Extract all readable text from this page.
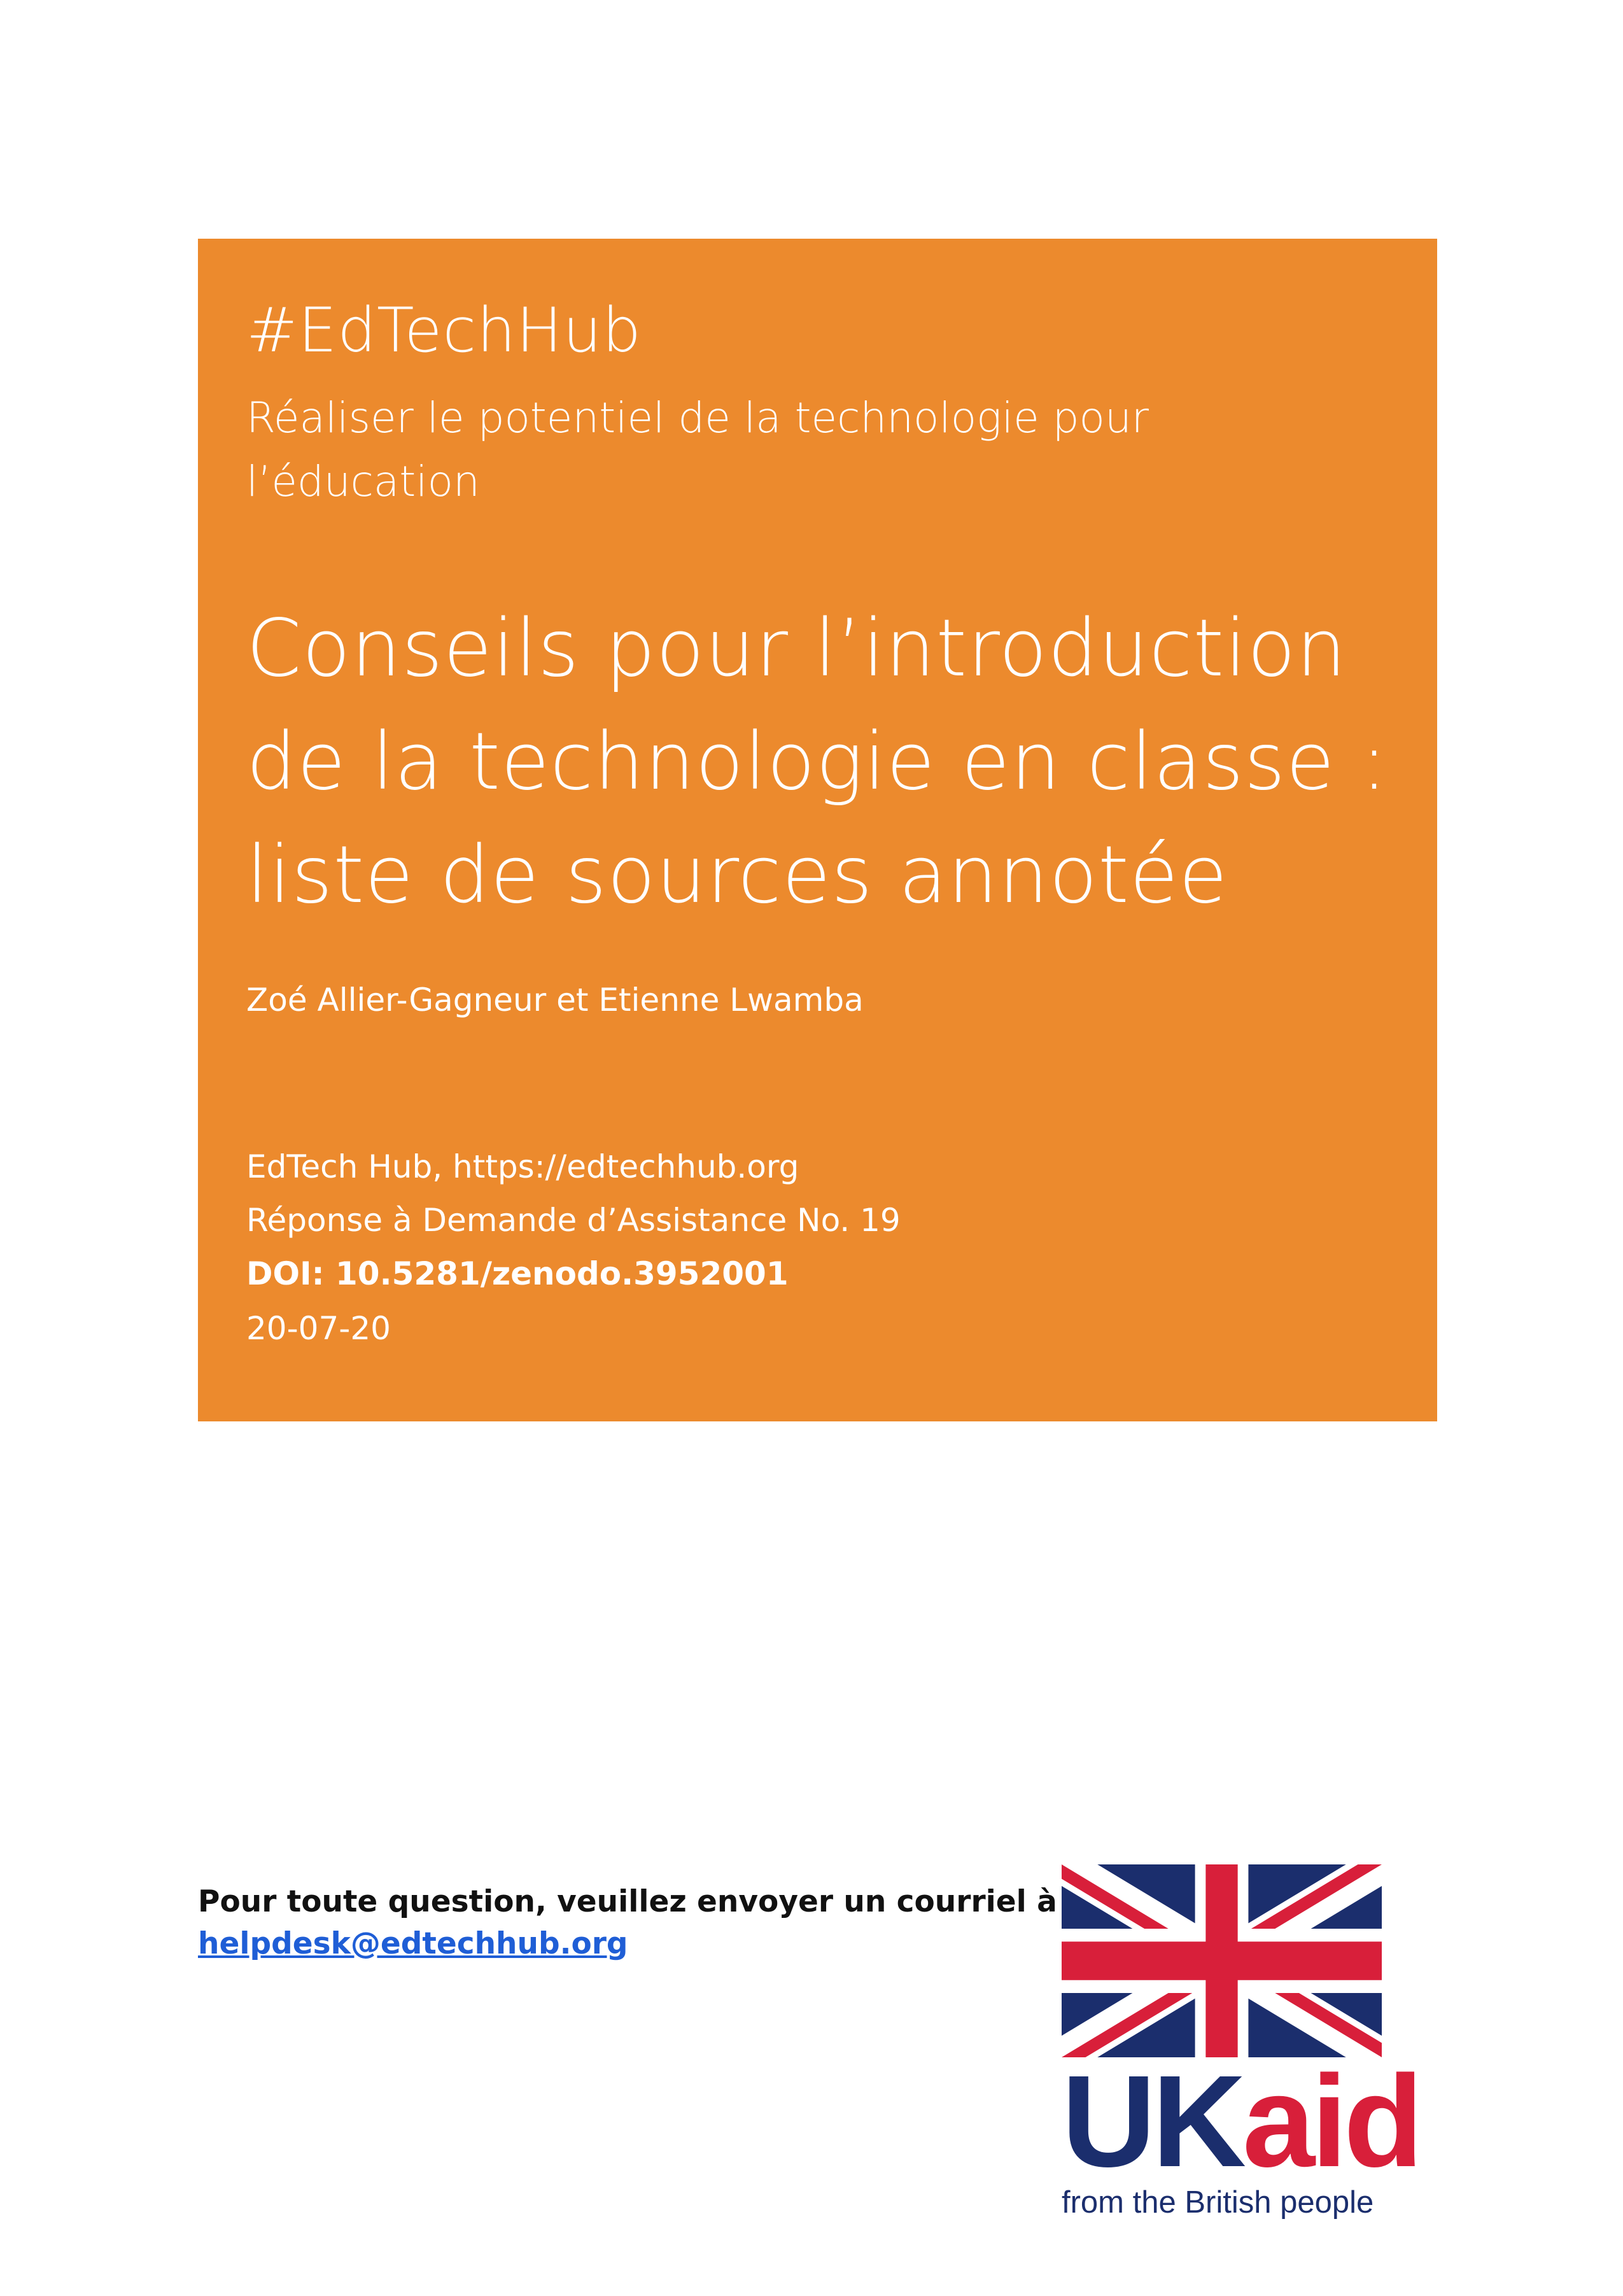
#EdTechHub
Réaliser le potentiel de la technologie pour l’éducation
Conseils pour l’introduction de la technologie en classe : liste de sources annotée
Zoé Allier-Gagneur et Etienne Lwamba
EdTech Hub, https://edtechhub.org
Réponse à Demande d’Assistance No. 19
DOI: 10.5281/zenodo.3952001
20-07-20
Pour toute question, veuillez envoyer un courriel à
helpdesk@edtechhub.org
UKaid
from the British people
